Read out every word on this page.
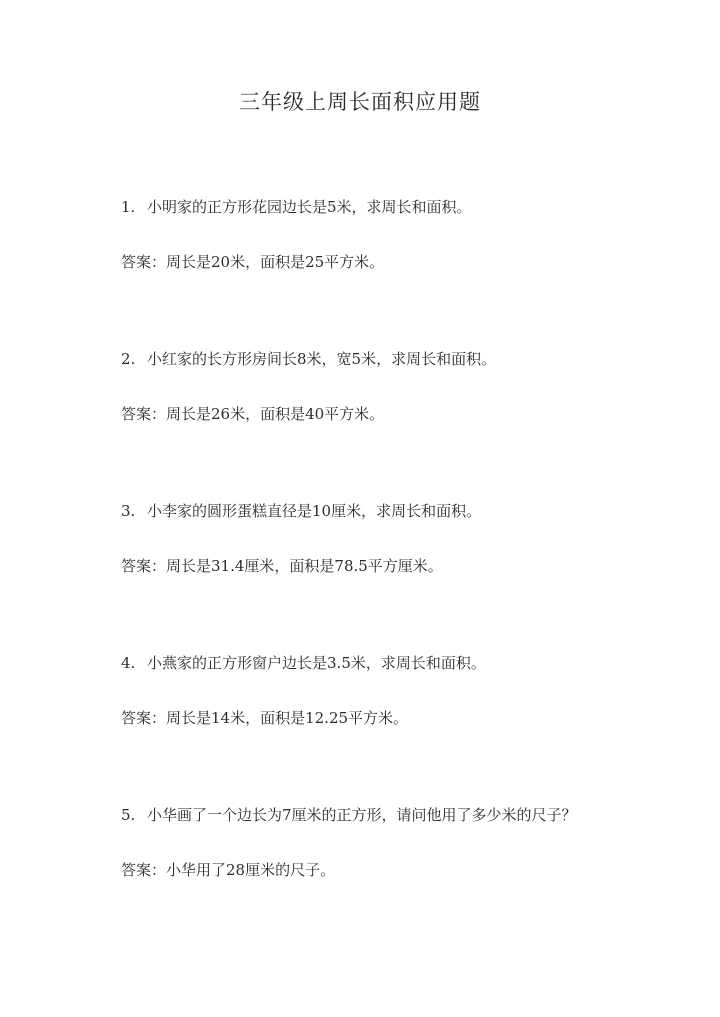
三年级上周长面积应用题
1. 小明家的正方形花园边长是5米，求周长和面积。
答案：周长是20米，面积是25平方米。
2. 小红家的长方形房间长8米，宽5米，求周长和面积。
答案：周长是26米，面积是40平方米。
3. 小李家的圆形蛋糕直径是10厘米，求周长和面积。
答案：周长是31.4厘米，面积是78.5平方厘米。
4. 小燕家的正方形窗户边长是3.5米，求周长和面积。
答案：周长是14米，面积是12.25平方米。
5. 小华画了一个边长为7厘米的正方形，请问他用了多少米的尺子？
答案：小华用了28厘米的尺子。
